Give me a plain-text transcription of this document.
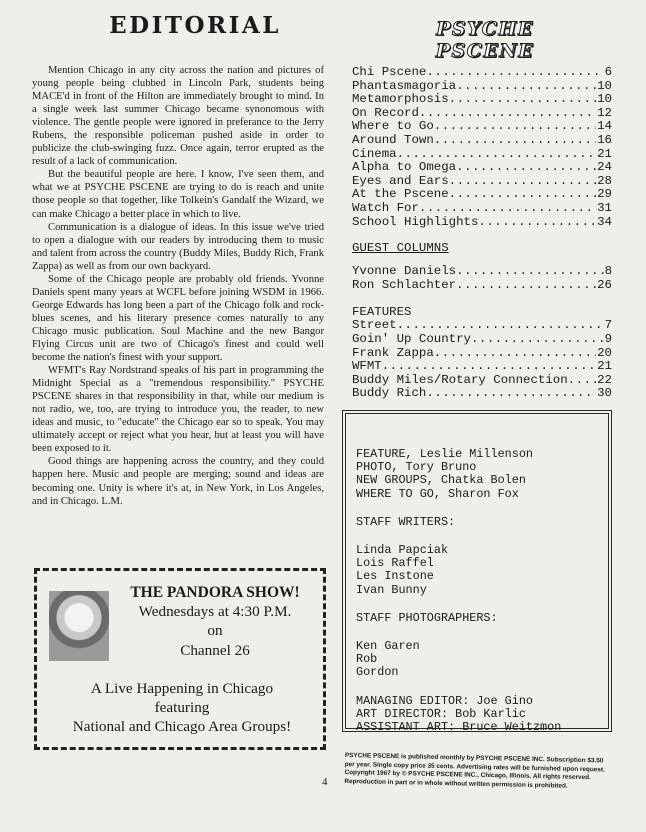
EDITORIAL	PSYCHE PSCENE

Mention Chicago in any city across the nation and pictures of young people being clubbed in Lincoln Park, students being MACE'd in front of the Hilton are immediately brought to mind. In a single week last summer Chicago became synonomous with violence. The gentle people were ignored in preferance to the Jerry Rubens, the responsible policeman pushed aside in order to publicize the club-swinging fuzz. Once again, terror erupted as the result of a lack of communication.

But the beautiful people are here. I know, I've seen them, and what we at PSYCHE PSCENE are trying to do is reach and unite those people so that together, like Tolkein's Gandalf the Wizard, we can make Chicago a better place in which to live.

Communication is a dialogue of ideas. In this issue we've tried to open a dialogue with our readers by introducing them to music and talent from across the country (Buddy Miles, Buddy Rich, Frank Zappa) as well as from our own backyard.

Some of the Chicago people are probably old friends. Yvonne Daniels spent many years at WCFL before joining WSDM in 1966. George Edwards has long been a part of the Chicago folk and rock-blues scenes, and his literary presence comes naturally to any Chicago music publication. Soul Machine and the new Bangor Flying Circus unit are two of Chicago's finest and could well become the nation's finest with your support.

WFMT's Ray Nordstrand speaks of his part in programming the Midnight Special as a "tremendous responsibility." PSYCHE PSCENE shares in that responsibility in that, while our medium is not radio, we, too, are trying to introduce you, the reader, to new ideas and music, to "educate" the Chicago ear so to speak. You may ultimately accept or reject what you hear, but at least you will have been exposed to it.

Good things are happening across the country, and they could happen here. Music and people are merging; sound and ideas are becoming one. Unity is where it's at, in New York, in Los Angeles, and in Chicago. L.M.

Chi Pscene .....	6
Phantasmagoria .....	10
Metamorphosis .....	10
On Record .....	12
Where to Go .....	14
Around Town .....	16
Cinema .....	21
Alpha to Omega .....	24
Eyes and Ears .....	28
At the Pscene .....	29
Watch For .....	31
School Highlights .....	34
GUEST COLUMNS
Yvonne Daniels .....	8
Ron Schlachter .....	26
FEATURES
Street .....	7
Goin' Up Country .....	9
Frank Zappa .....	20
WFMT .....	21
Buddy Miles/Rotary Connection ..... 22
Buddy Rich .....	30
FEATURE, Leslie Millenson
PHOTO, Tory Bruno
NEW GROUPS, Chatka Bolen
WHERE TO GO, Sharon Fox
STAFF WRITERS:
Linda Papciak
Lois Raffel
Les Instone
Ivan Bunny
STAFF PHOTOGRAPHERS:
Ken Garen
Rob
Gordon
MANAGING EDITOR: Joe Gino
ART DIRECTOR: Bob Karlic
ASSISTANT ART: Bruce Weitzmon
THE PANDORA SHOW!
Wednesdays at 4:30 P.M.
on
Channel 26
A Live Happening in Chicago
featuring
National and Chicago Area Groups!
4
PSYCHE PSCENE is published monthly by PSYCHE PSCENE INC. Subscription $3.50 per year. Single copy price 35 cents. Advertising rates will be furnished upon request. Copyright 1967 by © PSYCHE PSCENE INC., Chicago, Illinois. All rights reserved. Reproduction in part or in whole without written permission is prohibited.
